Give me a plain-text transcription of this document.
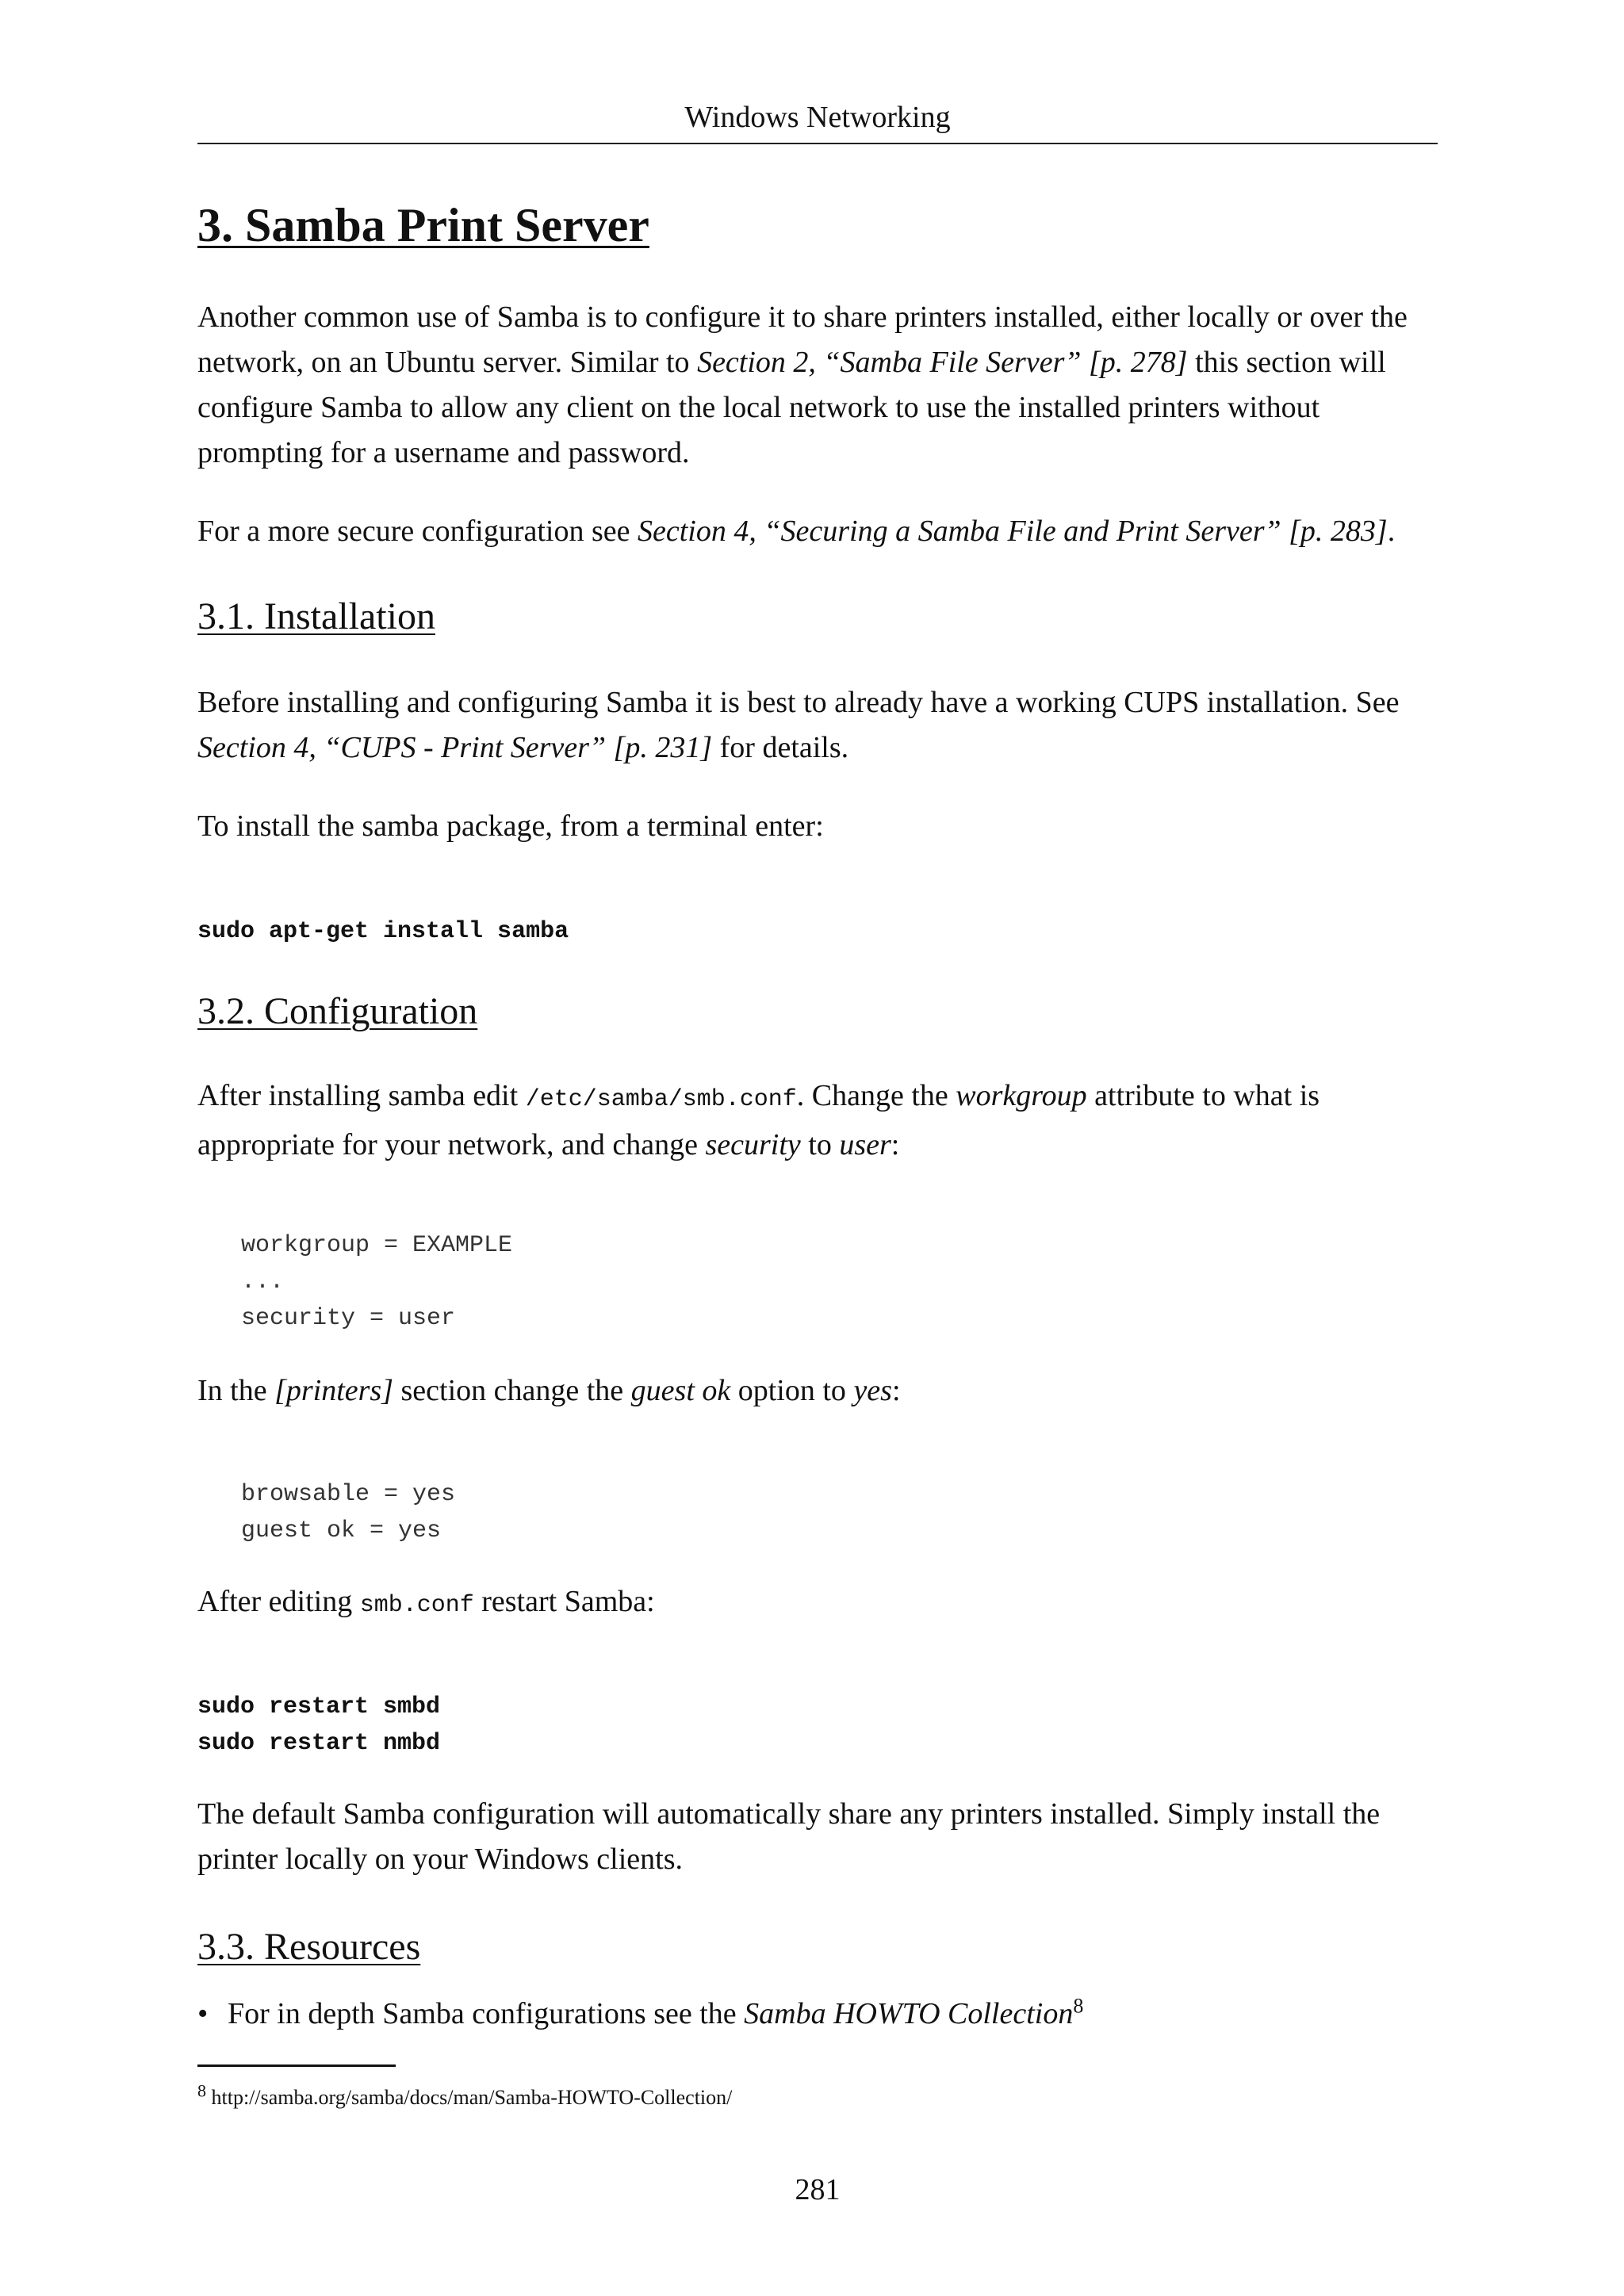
Windows Networking
3. Samba Print Server

Another common use of Samba is to configure it to share printers installed, either locally or over the network, on an Ubuntu server. Similar to Section 2, “Samba File Server” [p. 278] this section will configure Samba to allow any client on the local network to use the installed printers without prompting for a username and password.

For a more secure configuration see Section 4, “Securing a Samba File and Print Server” [p. 283].

3.1. Installation

Before installing and configuring Samba it is best to already have a working CUPS installation. See Section 4, “CUPS - Print Server” [p. 231] for details.

To install the samba package, from a terminal enter:

sudo apt-get install samba
3.2. Configuration

After installing samba edit /etc/samba/smb.conf. Change the workgroup attribute to what is appropriate for your network, and change security to user:

workgroup = EXAMPLE
...
security = user

In the [printers] section change the guest ok option to yes:

browsable = yes
guest ok = yes

After editing smb.conf restart Samba:

sudo restart smbd
sudo restart nmbd

The default Samba configuration will automatically share any printers installed. Simply install the printer locally on your Windows clients.

3.3. Resources
• For in depth Samba configurations see the Samba HOWTO Collection$^8$
$^8$ http://samba.org/samba/docs/man/Samba-HOWTO-Collection/
281
